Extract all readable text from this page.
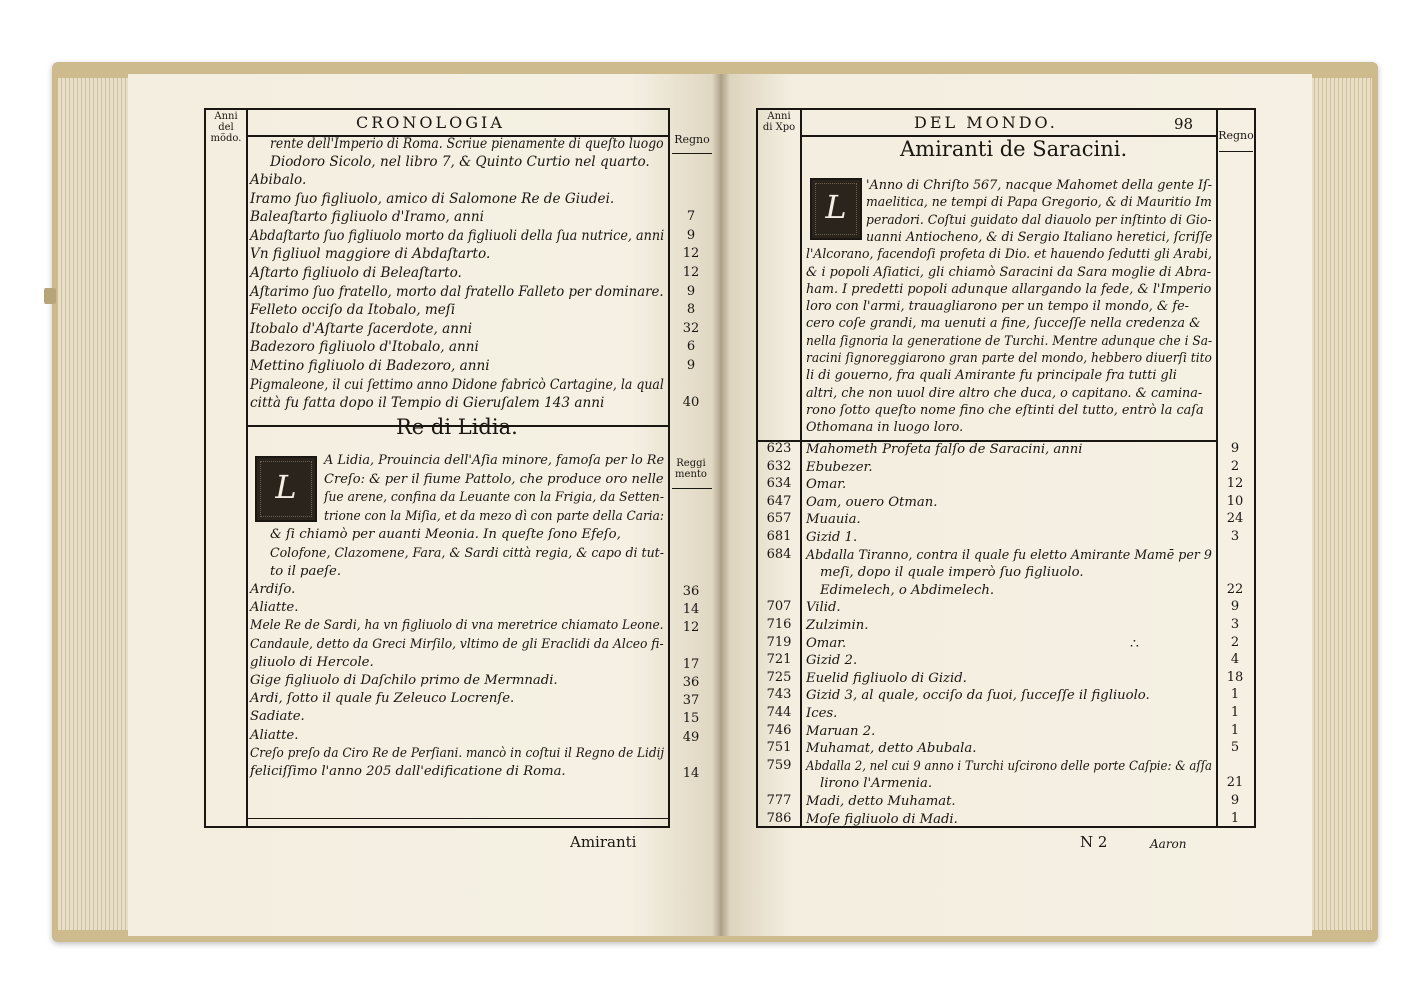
Anni
del
mõdo.
CRONOLOGIA
Regno
rente dell'Imperio di Roma. Scriue pienamente di queſto luogo
Diodoro Sicolo, nel libro 7, & Quinto Curtio nel quarto.
Re di Lidia.
Reggi
mento
L
Amiranti
Anni
di Xpo	DEL MONDO.	98
Regno
Amiranti de Saracini.
L
∴
N 2	Aaron
Abibalo.
Iramo ſuo figliuolo, amico di Salomone Re de Giudei.
Baleaſtarto figliuolo d'Iramo, anni	7
Abdaſtarto ſuo figliuolo morto da figliuoli della ſua nutrice, anni	9
Vn figliuol maggiore di Abdaſtarto.	12
Aſtarto figliuolo di Beleaſtarto.	12
Aſtarimo ſuo fratello, morto dal fratello Falleto per dominare.	9
Felleto occiſo da Itobalo, meſi	8
Itobalo d'Aſtarte ſacerdote, anni	32
Badezoro figliuolo d'Itobalo, anni	6
Mettino figliuolo di Badezoro, anni	9
Pigmaleone, il cui ſettimo anno Didone fabricò Cartagine, la qual
città fu fatta dopo il Tempio di Gieruſalem 143 anni	40
A Lidia, Prouincia dell'Aſia minore, famoſa per lo Re
Creſo: & per il fiume Pattolo, che produce oro nelle
ſue arene, confina da Leuante con la Frigia, da Setten-
trione con la Miſia, et da mezo dì con parte della Caria:
& ſi chiamò per auanti Meonia. In queſte ſono Efeſo,
Colofone, Clazomene, Fara, & Sardi città regia, & capo di tut-
to il paeſe.
Ardiſo.	36
Aliatte.	14
Mele Re de Sardi, ha vn figliuolo di vna meretrice chiamato Leone.	12
Candaule, detto da Greci Mirſilo, vltimo de gli Eraclidi da Alceo fi-
gliuolo di Hercole.	17
Gige figliuolo di Daſchilo primo de Mermnadi.	36
Ardi, ſotto il quale fu Zeleuco Locrenſe.	37
Sadiate.	15
Aliatte.	49
Creſo preſo da Ciro Re de Perſiani. mancò in coſtui il Regno de Lidij
feliciſſimo l'anno 205 dall'edificatione di Roma.	14
'Anno di Chriſto 567, nacque Mahomet della gente Iſ-
maelitica, ne tempi di Papa Gregorio, & di Mauritio Im
peradori. Coſtui guidato dal diauolo per inſtinto di Gio-
uanni Antiocheno, & di Sergio Italiano heretici, ſcriſſe
l'Alcorano, facendoſi profeta di Dio. et hauendo ſedutti gli Arabi,
& i popoli Aſiatici, gli chiamò Saracini da Sara moglie di Abra-
ham. I predetti popoli adunque allargando la fede, & l'Imperio
loro con l'armi, trauagliarono per un tempo il mondo, & fe-
cero coſe grandi, ma uenuti a fine, ſucceſſe nella credenza &
nella ſignoria la generatione de Turchi. Mentre adunque che i Sa-
racini ſignoreggiarono gran parte del mondo, hebbero diuerſi tito
li di gouerno, fra quali Amirante fu principale fra tutti gli
altri, che non uuol dire altro che duca, o capitano. & camina-
rono ſotto queſto nome fino che eſtinti del tutto, entrò la caſa
Othomana in luogo loro.
623	Mahometh Profeta falſo de Saracini, anni	9
632	Ebubezer.	2
634	Omar.	12
647	Oam, ouero Otman.	10
657	Muauia.	24
681	Gizid 1.	3
684	Abdalla Tiranno, contra il quale fu eletto Amirante Mamē per 9
meſi, dopo il quale imperò ſuo figliuolo.
Edimelech, o Abdimelech.	22
707	Vilid.	9
716	Zulzimin.	3
719	Omar.	2
721	Gizid 2.	4
725	Euelid figliuolo di Gizid.	18
743	Gizid 3, al quale, occiſo da ſuoi, ſucceſſe il figliuolo.	1
744	Ices.	1
746	Maruan 2.	1
751	Muhamat, detto Abubala.	5
759	Abdalla 2, nel cui 9 anno i Turchi uſcirono delle porte Caſpie: & aſſa
lirono l'Armenia.	21
777	Madi, detto Muhamat.	9
786	Moſe figliuolo di Madi.	1
